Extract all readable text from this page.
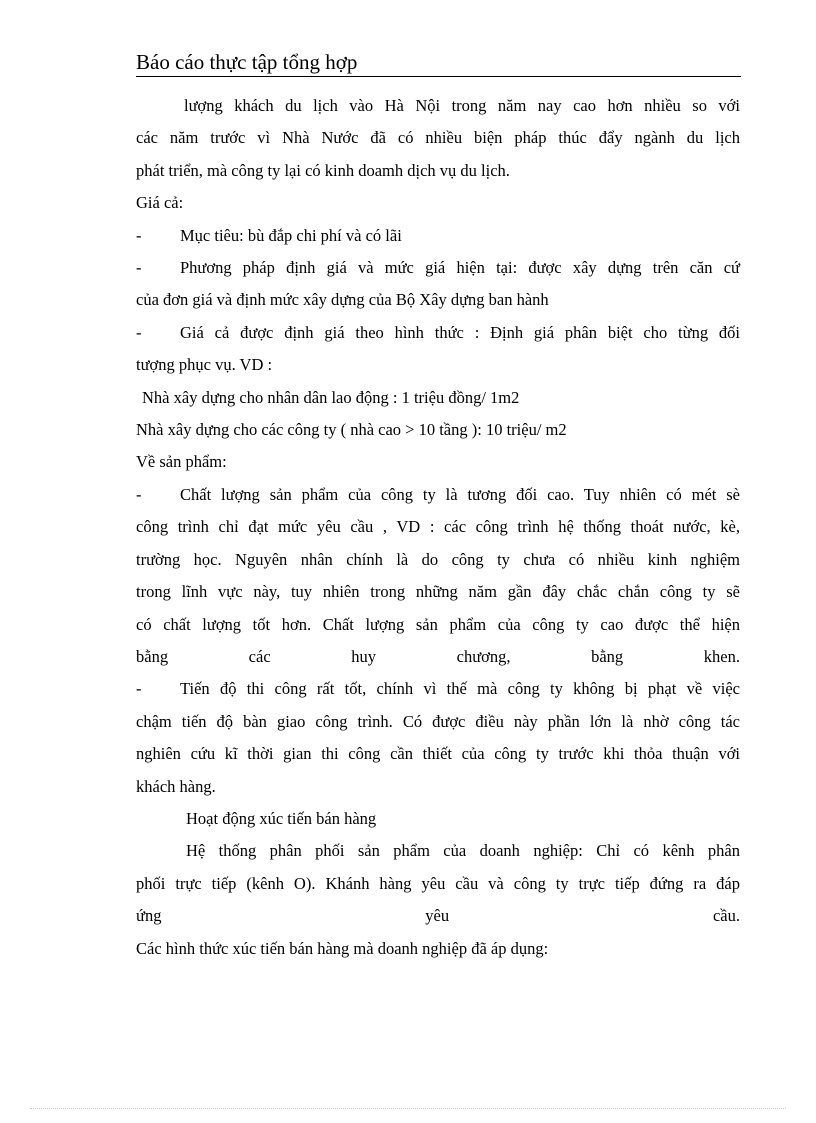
Báo cáo thực tập tổng hợp
lượng khách du lịch vào Hà Nội trong năm nay cao hơn nhiều so với
các năm trước vì Nhà Nước đã có nhiều biện pháp thúc đẩy ngành du lịch
phát triển, mà công ty lại có kinh doamh dịch vụ du lịch.
Giá cả:
-	Mục tiêu: bù đắp chi phí và có lãi
-	Phương pháp định giá và mức giá hiện tại: được xây dựng trên căn cứ
của đơn giá và định mức xây dựng của Bộ Xây dựng ban hành
-	Giá cả được định giá theo hình thức : Định giá phân biệt cho từng đối
tượng phục vụ. VD :
Nhà xây dựng cho nhân dân lao động : 1 triệu đồng/ 1m2
Nhà xây dựng cho các công ty ( nhà cao > 10 tầng ): 10 triệu/ m2
Về sản phẩm:
-	Chất lượng sản phẩm của công ty là tương đối cao. Tuy nhiên có mét sè
công trình chỉ đạt mức yêu cầu , VD : các công trình hệ thống thoát nước, kè,
trường học. Nguyên nhân chính là do công ty chưa có nhiều kinh nghiệm
trong lĩnh vực này, tuy nhiên trong những năm gần đây chắc chắn công ty sẽ
có chất lượng tốt hơn. Chất lượng sản phẩm của công ty cao được thể hiện
bằng các huy chương, bằng khen.
-	Tiến độ thi công rất tốt, chính vì thế mà công ty không bị phạt về việc
chậm tiến độ bàn giao công trình. Có được điều này phần lớn là nhờ công tác
nghiên cứu kĩ thời gian thi công cần thiết của công ty trước khi thỏa thuận với
khách hàng.
Hoạt động xúc tiến bán hàng
Hệ thống phân phối sản phẩm của doanh nghiệp: Chỉ có kênh phân
phối trực tiếp (kênh O). Khánh hàng yêu cầu và công ty trực tiếp đứng ra đáp
ứng yêu cầu.
Các hình thức xúc tiến bán hàng mà doanh nghiệp đã áp dụng:
